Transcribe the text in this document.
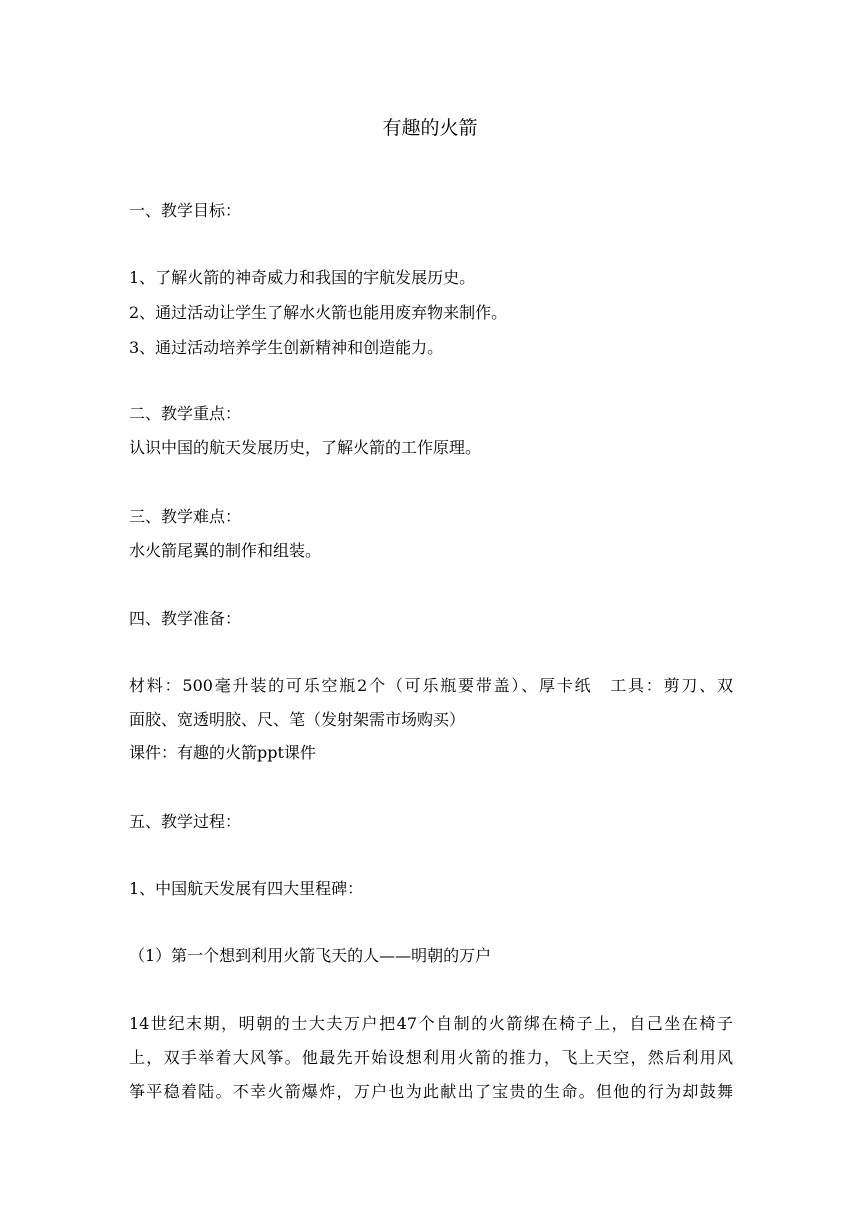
有趣的火箭
一、教学目标：
1、了解火箭的神奇威力和我国的宇航发展历史。
2、通过活动让学生了解水火箭也能用废弃物来制作。
3、通过活动培养学生创新精神和创造能力。
二、教学重点：
认识中国的航天发展历史，了解火箭的工作原理。
三、教学难点：
水火箭尾翼的制作和组装。
四、教学准备：
材料：500毫升装的可乐空瓶2个（可乐瓶要带盖）、厚卡纸　工具：剪刀、双
面胶、宽透明胶、尺、笔（发射架需市场购买）
课件：有趣的火箭ppt课件
五、教学过程：
1、中国航天发展有四大里程碑：
（1）第一个想到利用火箭飞天的人——明朝的万户
14世纪末期，明朝的士大夫万户把47个自制的火箭绑在椅子上，自己坐在椅子
上，双手举着大风筝。他最先开始设想利用火箭的推力，飞上天空，然后利用风
筝平稳着陆。不幸火箭爆炸，万户也为此献出了宝贵的生命。但他的行为却鼓舞
